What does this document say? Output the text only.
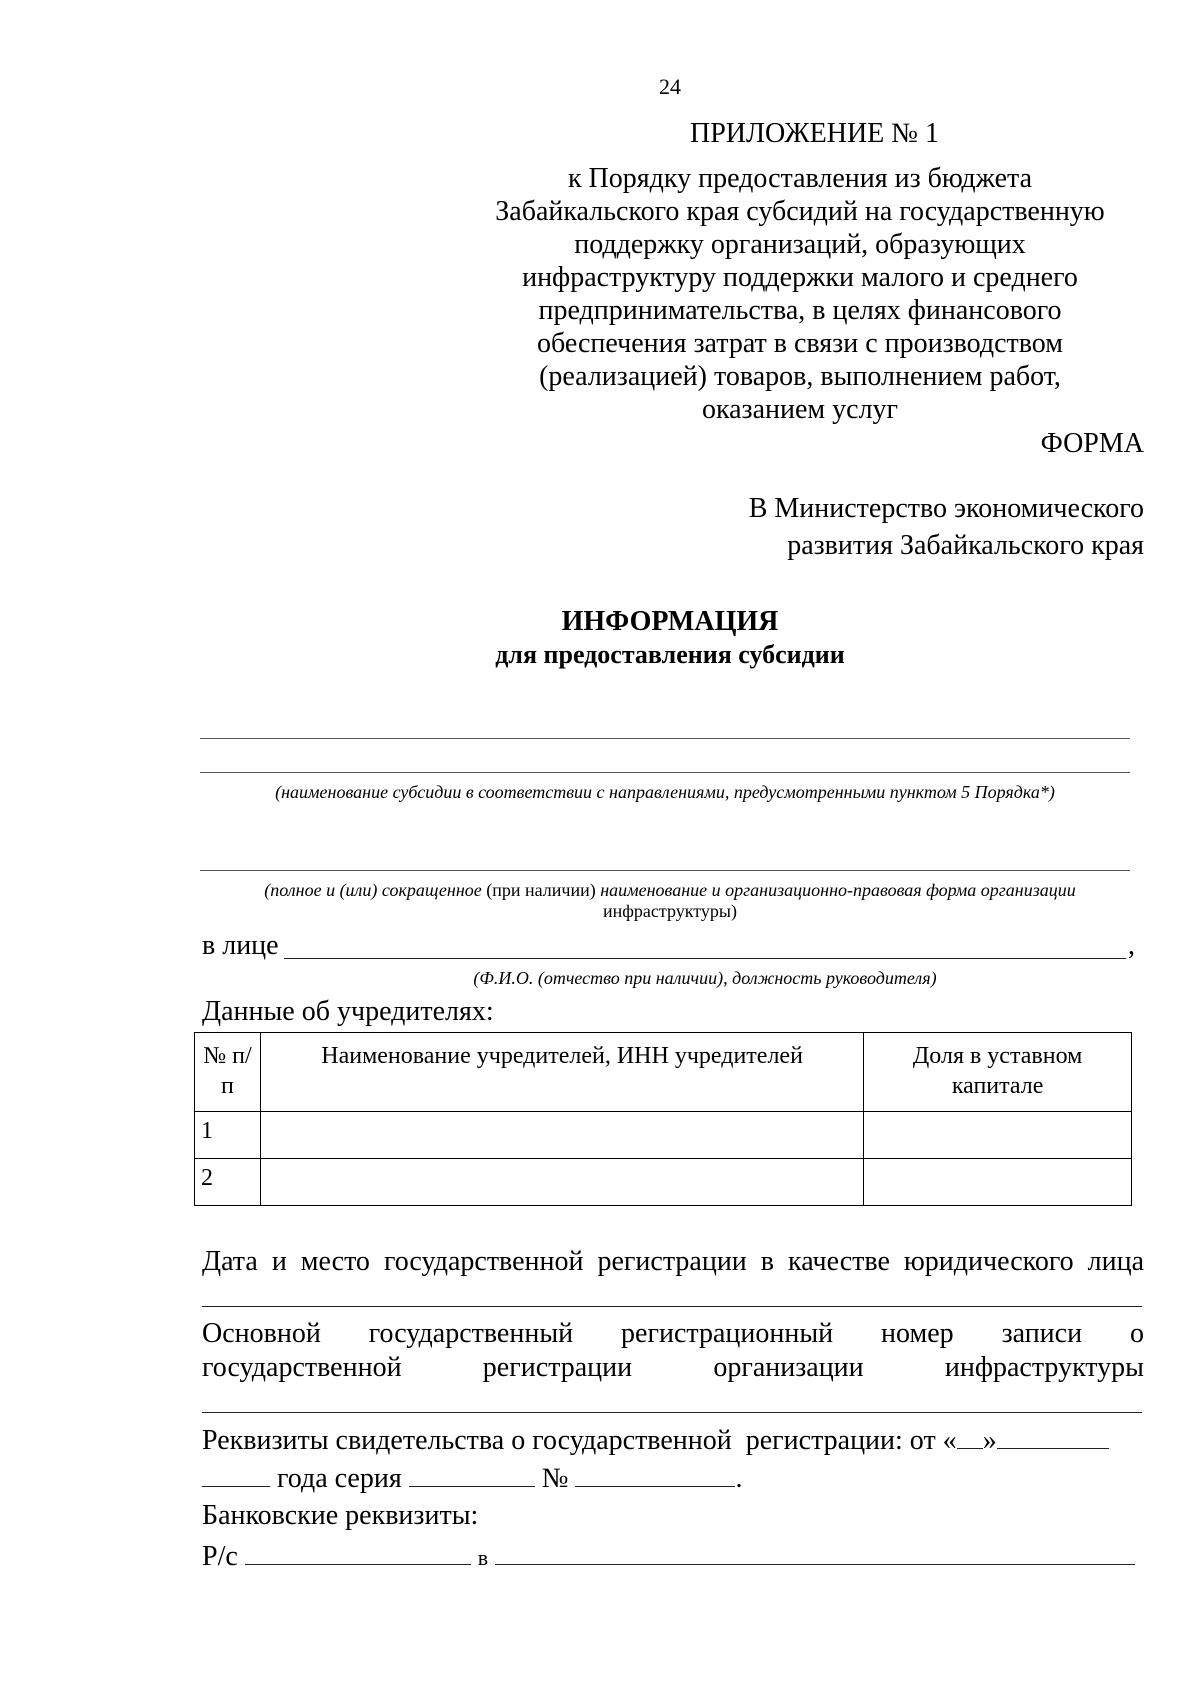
24
ПРИЛОЖЕНИЕ № 1
к Порядку предоставления из бюджета
Забайкальского края субсидий на государственную
поддержку организаций, образующих
инфраструктуру поддержки малого и среднего
предпринимательства, в целях финансового
обеспечения затрат в связи с производством
(реализацией) товаров, выполнением работ,
оказанием услуг
ФОРМА
В Министерство экономического
развития Забайкальского края
ИНФОРМАЦИЯ
для предоставления субсидии
(наименование субсидии в соответствии с направлениями, предусмотренными пунктом 5 Порядка*)
(полное и (или) сокращенное (при наличии) наименование и организационно-правовая форма организации
инфраструктуры)
в лице	,
(Ф.И.О. (отчество при наличии), должность руководителя)
Данные об учредителях:
№ п/п	Наименование учредителей, ИНН учредителей	Доля в уставном капитале
1		
2		
Дата и место государственной регистрации в качестве юридического лица
Основной государственный регистрационный номер записи о
государственной	регистрации	организации	инфраструктуры
Реквизиты свидетельства о государственной  регистрации: от « »
года серия	№	.
Банковские реквизиты:
Р/с	в
